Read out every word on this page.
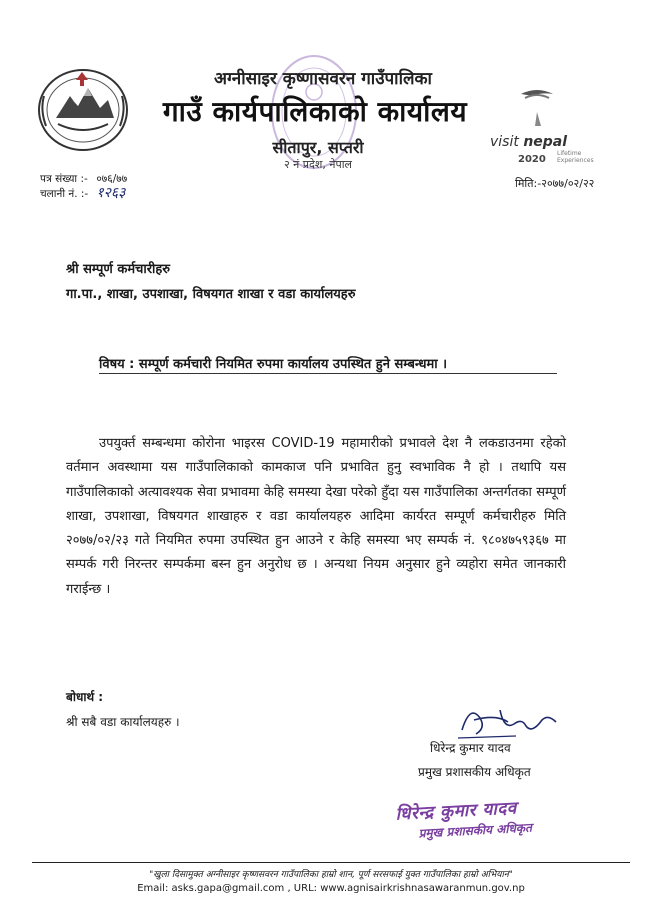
अग्नीसाइर कृष्णासवरन गाउँपालिका
गाउँ कार्यपालिकाको कार्यालय
सीतापुर, सप्तरी
२ नं प्रदेश, नेपाल
visit nepal
2020
Lifetime Experiences
पत्र संख्या :- ०७६/७७
चलानी नं. :- १२६३
मिति:-२०७७/०२/२२
श्री सम्पूर्ण कर्मचारीहरु
गा.पा., शाखा, उपशाखा, विषयगत शाखा र वडा कार्यालयहरु
विषय : सम्पूर्ण कर्मचारी नियमित रुपमा कार्यालय उपस्थित हुने सम्बन्धमा ।
उपयुर्क्त सम्बन्धमा कोरोना भाइरस COVID-19 महामारीको प्रभावले देश नै लकडाउनमा रहेको वर्तमान अवस्थामा यस गाउँपालिकाको कामकाज पनि प्रभावित हुनु स्वभाविक नै हो । तथापि यस गाउँपालिकाको अत्यावश्यक सेवा प्रभावमा केहि समस्या देखा परेको हुँदा यस गाउँपालिका अन्तर्गतका सम्पूर्ण शाखा, उपशाखा, विषयगत शाखाहरु र वडा कार्यालयहरु आदिमा कार्यरत सम्पूर्ण कर्मचारीहरु मिति २०७७/०२/२३ गते नियमित रुपमा उपस्थित हुन आउने र केहि समस्या भए सम्पर्क नं. ९८०४७५९३६७ मा सम्पर्क गरी निरन्तर सम्पर्कमा बस्न हुन अनुरोध छ । अन्यथा नियम अनुसार हुने व्यहोरा समेत जानकारी गराईन्छ ।
बोधार्थ :
श्री सबै वडा कार्यालयहरु ।
धिरेन्द्र कुमार यादव
प्रमुख प्रशासकीय अधिकृत
धिरेन्द्र कुमार यादव
प्रमुख प्रशासकीय अधिकृत
"खुला दिसामुक्त अग्नीसाइर कृष्णसवरन गाउँपालिका हाम्रो शान, पूर्ण सरसफाई युक्त गाउँपालिका हाम्रो अभियान"
Email: asks.gapa@gmail.com , URL: www.agnisairkrishnasawaranmun.gov.np
